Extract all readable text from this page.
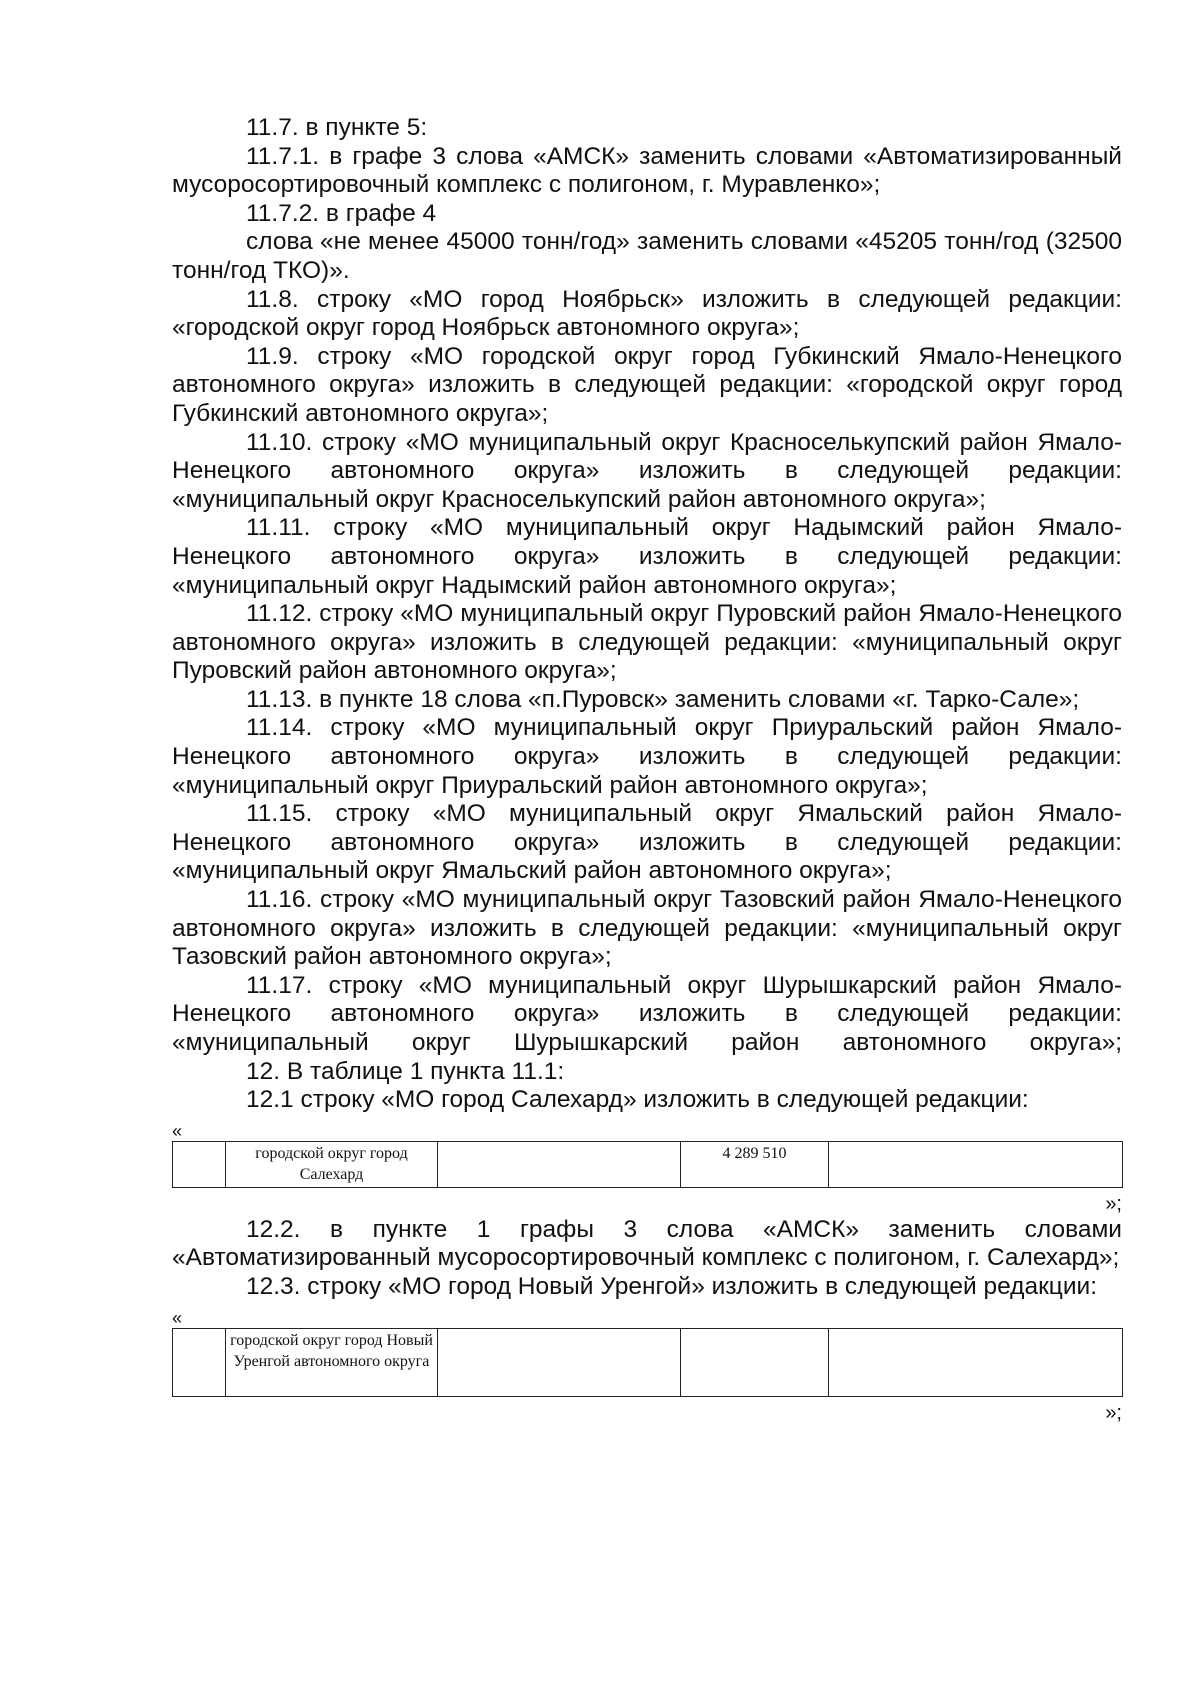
11.7. в пункте 5:

11.7.1. в графе 3 слова «АМСК» заменить словами «Автоматизированный мусоросортировочный комплекс с полигоном, г. Муравленко»;

11.7.2. в графе 4

слова «не менее 45000 тонн/год» заменить словами «45205 тонн/год (32500 тонн/год ТКО)».

11.8. строку «МО город Ноябрьск» изложить в следующей редакции: «городской округ город Ноябрьск автономного округа»;

11.9. строку «МО городской округ город Губкинский Ямало-Ненецкого автономного округа» изложить в следующей редакции: «городской округ город Губкинский автономного округа»;

11.10. строку «МО муниципальный округ Красноселькупский район Ямало-Ненецкого автономного округа» изложить в следующей редакции: «муниципальный округ Красноселькупский район автономного округа»;

11.11. строку «МО муниципальный округ Надымский район Ямало-Ненецкого автономного округа» изложить в следующей редакции: «муниципальный округ Надымский район автономного округа»;

11.12. строку «МО муниципальный округ Пуровский район Ямало-Ненецкого автономного округа» изложить в следующей редакции: «муниципальный округ Пуровский район автономного округа»;

11.13. в пункте 18 слова «п.Пуровск» заменить словами «г. Тарко-Сале»;

11.14. строку «МО муниципальный округ Приуральский район Ямало-Ненецкого автономного округа» изложить в следующей редакции: «муниципальный округ Приуральский район автономного округа»;

11.15. строку «МО муниципальный округ Ямальский район Ямало-Ненецкого автономного округа» изложить в следующей редакции: «муниципальный округ Ямальский район автономного округа»;

11.16. строку «МО муниципальный округ Тазовский район Ямало-Ненецкого автономного округа» изложить в следующей редакции: «муниципальный округ Тазовский район автономного округа»;

11.17. строку «МО муниципальный округ Шурышкарский район Ямало-Ненецкого автономного округа» изложить в следующей редакции: «муниципальный округ Шурышкарский район автономного округа»;

12. В таблице 1 пункта 11.1:

12.1 строку «МО город Салехард» изложить в следующей редакции:

«
	городской округ город Салехард		4 289 510	
»;

12.2. в пункте 1 графы 3 слова «АМСК» заменить словами «Автоматизированный мусоросортировочный комплекс с полигоном, г. Салехард»;

12.3. строку «МО город Новый Уренгой» изложить в следующей редакции:

«
	городской округ город Новый Уренгой автономного округа			
»;
